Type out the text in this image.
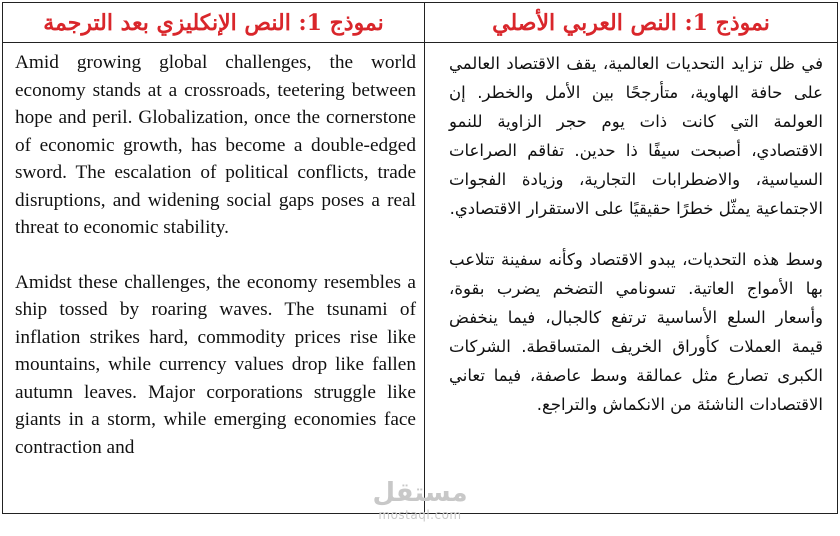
نموذج 1: النص الإنكليزي بعد الترجمة	نموذج 1: النص العربي الأصلي

Amid growing global challenges, the world economy stands at a crossroads, teetering between hope and peril. Globalization, once the cornerstone of economic growth, has become a double-edged sword. The escalation of political conflicts, trade disruptions, and widening social gaps poses a real threat to economic stability.

Amidst these challenges, the economy resembles a ship tossed by roaring waves. The tsunami of inflation strikes hard, commodity prices rise like mountains, while currency values drop like fallen autumn leaves. Major corporations struggle like giants in a storm, while emerging economies face contraction and

في ظل تزايد التحديات العالمية، يقف الاقتصاد العالمي على حافة الهاوية، متأرجحًا بين الأمل والخطر. إن العولمة التي كانت ذات يوم حجر الزاوية للنمو الاقتصادي، أصبحت سيفًا ذا حدين. تفاقم الصراعات السياسية، والاضطرابات التجارية، وزيادة الفجوات الاجتماعية يمثّل خطرًا حقيقيًا على الاستقرار الاقتصادي.

وسط هذه التحديات، يبدو الاقتصاد وكأنه سفينة تتلاعب بها الأمواج العاتية. تسونامي التضخم يضرب بقوة، وأسعار السلع الأساسية ترتفع كالجبال، فيما ينخفض قيمة العملات كأوراق الخريف المتساقطة. الشركات الكبرى تصارع مثل عمالقة وسط عاصفة، فيما تعاني الاقتصادات الناشئة من الانكماش والتراجع.

مستقل
mostaql.com
